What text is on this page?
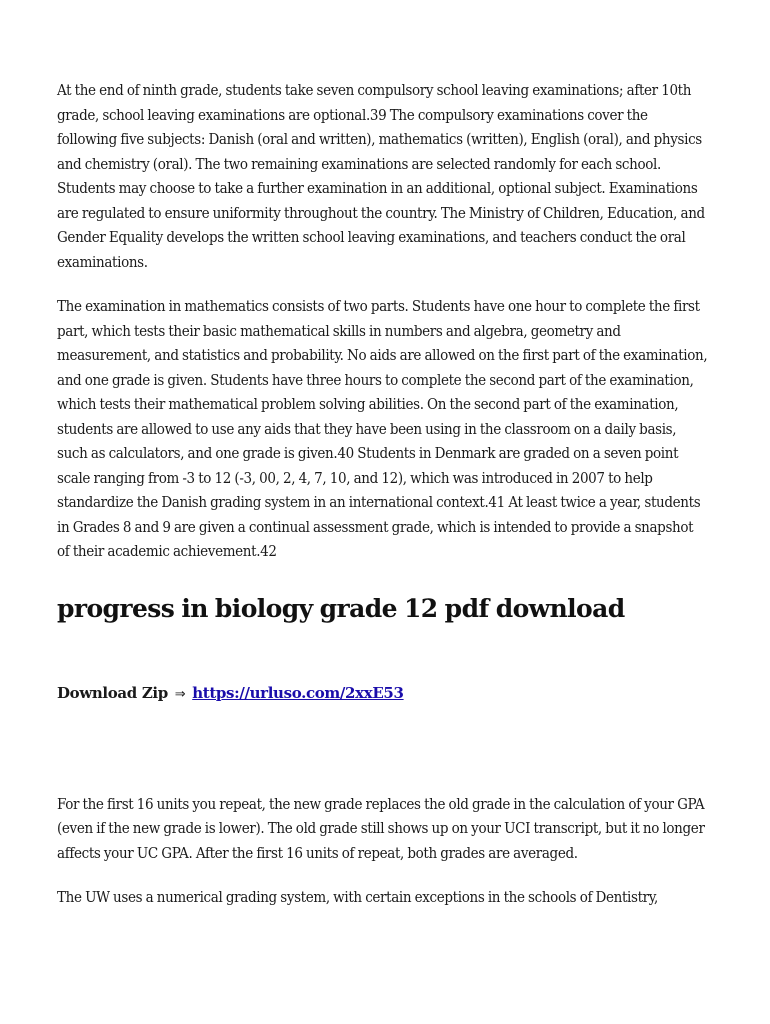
At the end of ninth grade, students take seven compulsory school leaving examinations; after 10th grade, school leaving examinations are optional.39 The compulsory examinations cover the following five subjects: Danish (oral and written), mathematics (written), English (oral), and physics and chemistry (oral). The two remaining examinations are selected randomly for each school. Students may choose to take a further examination in an additional, optional subject. Examinations are regulated to ensure uniformity throughout the country. The Ministry of Children, Education, and Gender Equality develops the written school leaving examinations, and teachers conduct the oral examinations.

The examination in mathematics consists of two parts. Students have one hour to complete the first part, which tests their basic mathematical skills in numbers and algebra, geometry and measurement, and statistics and probability. No aids are allowed on the first part of the examination, and one grade is given. Students have three hours to complete the second part of the examination, which tests their mathematical problem solving abilities. On the second part of the examination, students are allowed to use any aids that they have been using in the classroom on a daily basis, such as calculators, and one grade is given.40 Students in Denmark are graded on a seven point scale ranging from -3 to 12 (-3, 00, 2, 4, 7, 10, and 12), which was introduced in 2007 to help standardize the Danish grading system in an international context.41 At least twice a year, students in Grades 8 and 9 are given a continual assessment grade, which is intended to provide a snapshot of their academic achievement.42

progress in biology grade 12 pdf download
Download Zip ⇒ https://urluso.com/2xxE53

For the first 16 units you repeat, the new grade replaces the old grade in the calculation of your GPA (even if the new grade is lower). The old grade still shows up on your UCI transcript, but it no longer affects your UC GPA. After the first 16 units of repeat, both grades are averaged.

The UW uses a numerical grading system, with certain exceptions in the schools of Dentistry,
